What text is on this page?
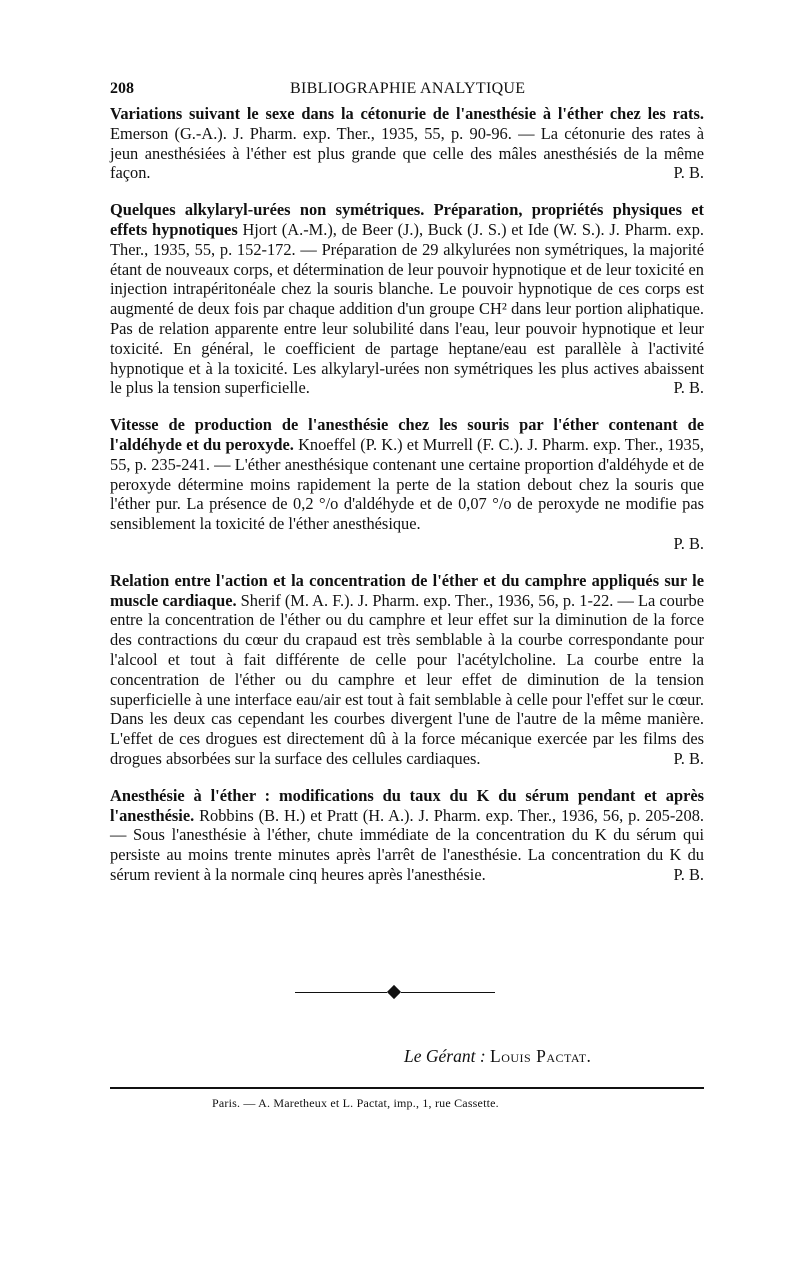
208	BIBLIOGRAPHIE ANALYTIQUE
Variations suivant le sexe dans la cétonurie de l'anesthésie à l'éther chez les rats. Emerson (G.-A.). J. Pharm. exp. Ther., 1935, 55, p. 90-96. — La cétonurie des rates à jeun anesthésiées à l'éther est plus grande que celle des mâles anesthésiés de la même façon.	P. B.
Quelques alkylaryl-urées non symétriques. Préparation, propriétés physiques et effets hypnotiques Hjort (A.-M.), de Beer (J.), Buck (J. S.) et Ide (W. S.). J. Pharm. exp. Ther., 1935, 55, p. 152-172. — Préparation de 29 alkylurées non symétriques, la majorité étant de nouveaux corps, et détermination de leur pouvoir hypnotique et de leur toxicité en injection intrapéritonéale chez la souris blanche. Le pouvoir hypnotique de ces corps est augmenté de deux fois par chaque addition d'un groupe CH² dans leur portion aliphatique. Pas de relation apparente entre leur solubilité dans l'eau, leur pouvoir hypnotique et leur toxicité. En général, le coefficient de partage heptane/eau est parallèle à l'activité hypnotique et à la toxicité. Les alkylaryl-urées non symétriques les plus actives abaissent le plus la tension superficielle.	P. B.
Vitesse de production de l'anesthésie chez les souris par l'éther contenant de l'aldéhyde et du peroxyde. Knoeffel (P. K.) et Murrell (F. C.). J. Pharm. exp. Ther., 1935, 55, p. 235-241. — L'éther anesthésique contenant une certaine proportion d'aldéhyde et de peroxyde détermine moins rapidement la perte de la station debout chez la souris que l'éther pur. La présence de 0,2 °/o d'aldéhyde et de 0,07 °/o de peroxyde ne modifie pas sensiblement la toxicité de l'éther anesthésique.
P. B.
Relation entre l'action et la concentration de l'éther et du camphre appliqués sur le muscle cardiaque. Sherif (M. A. F.). J. Pharm. exp. Ther., 1936, 56, p. 1-22. — La courbe entre la concentration de l'éther ou du camphre et leur effet sur la diminution de la force des contractions du cœur du crapaud est très semblable à la courbe correspondante pour l'alcool et tout à fait différente de celle pour l'acétylcholine. La courbe entre la concentration de l'éther ou du camphre et leur effet de diminution de la tension superficielle à une interface eau/air est tout à fait semblable à celle pour l'effet sur le cœur. Dans les deux cas cependant les courbes divergent l'une de l'autre de la même manière. L'effet de ces drogues est directement dû à la force mécanique exercée par les films des drogues absorbées sur la surface des cellules cardiaques.	P. B.
Anesthésie à l'éther : modifications du taux du K du sérum pendant et après l'anesthésie. Robbins (B. H.) et Pratt (H. A.). J. Pharm. exp. Ther., 1936, 56, p. 205-208. — Sous l'anesthésie à l'éther, chute immédiate de la concentration du K du sérum qui persiste au moins trente minutes après l'arrêt de l'anesthésie. La concentration du K du sérum revient à la normale cinq heures après l'anesthésie.	P. B.
Le Gérant : Louis Pactat.
Paris. — A. Maretheux et L. Pactat, imp., 1, rue Cassette.
